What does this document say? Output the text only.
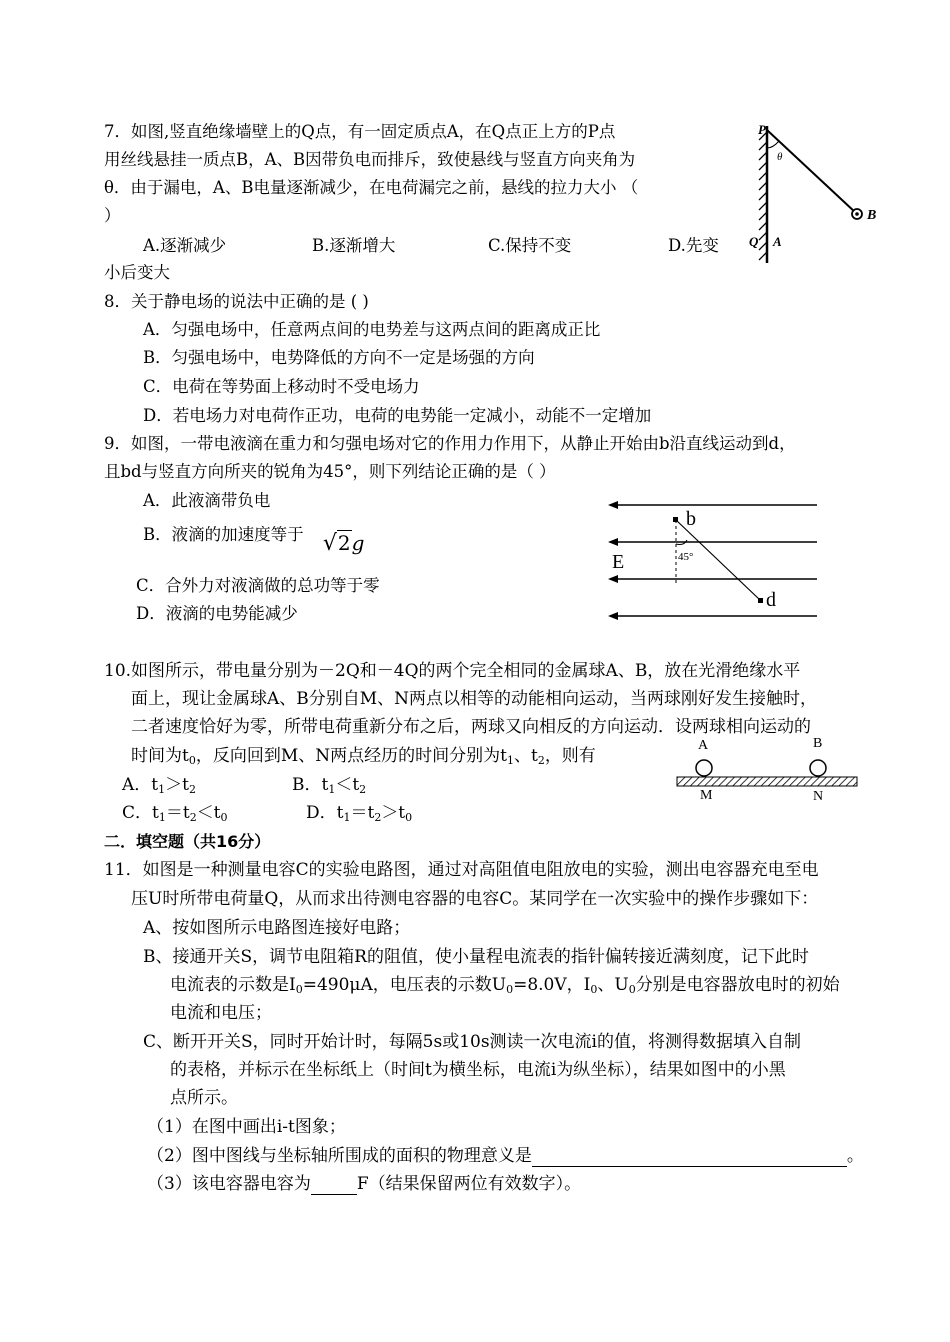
7．如图,竖直绝缘墙壁上的Q点，有一固定质点A，在Q点正上方的P点
用丝线悬挂一质点B，A、B因带负电而排斥，致使悬线与竖直方向夹角为
θ．由于漏电，A、B电量逐渐减少，在电荷漏完之前，悬线的拉力大小 （
）
A.逐渐减少	B.逐渐增大	C.保持不变	D.先变
小后变大
P
θ
B
Q A
8．关于静电场的说法中正确的是 ( )
A．匀强电场中，任意两点间的电势差与这两点间的距离成正比
B．匀强电场中，电势降低的方向不一定是场强的方向
C．电荷在等势面上移动时不受电场力
D．若电场力对电荷作正功，电荷的电势能一定减小，动能不一定增加
9．如图，一带电液滴在重力和匀强电场对它的作用力作用下，从静止开始由b沿直线运动到d，
且bd与竖直方向所夹的锐角为45°，则下列结论正确的是（ ）
A．此液滴带负电
B．液滴的加速度等于 √2g
C．合外力对液滴做的总功等于零
D．液滴的电势能减少
b
45°
E
d
10.如图所示，带电量分别为－2Q和－4Q的两个完全相同的金属球A、B，放在光滑绝缘水平
面上，现让金属球A、B分别自M、N两点以相等的动能相向运动，当两球刚好发生接触时，
二者速度恰好为零，所带电荷重新分布之后，两球又向相反的方向运动．设两球相向运动的
时间为$t_0$，反向回到M、N两点经历的时间分别为$t_1$、$t_2$，则有
A．$t_1>t_2$	B．$t_1<t_2$
C．$t_1=t_2<t_0$	D．$t_1=t_2>t_0$
A	B
M	N
二．填空题（共16分）
11．如图是一种测量电容C的实验电路图，通过对高阻值电阻放电的实验，测出电容器充电至电
压U时所带电荷量Q，从而求出待测电容器的电容C。某同学在一次实验中的操作步骤如下：
A、按如图所示电路图连接好电路；
B、接通开关S，调节电阻箱R的阻值，使小量程电流表的指针偏转接近满刻度，记下此时
电流表的示数是$I_0=490\mu A$，电压表的示数$U_0=8.0V$，$I_0$、$U_0$分别是电容器放电时的初始
电流和电压；
C、断开开关S，同时开始计时，每隔5s或10s测读一次电流i的值，将测得数据填入自制
的表格，并标示在坐标纸上（时间t为横坐标，电流i为纵坐标），结果如图中的小黑
点所示。
（1）在图中画出i-t图象；
（2）图中图线与坐标轴所围成的面积的物理意义是	。
（3）该电容器电容为	F（结果保留两位有效数字）。
